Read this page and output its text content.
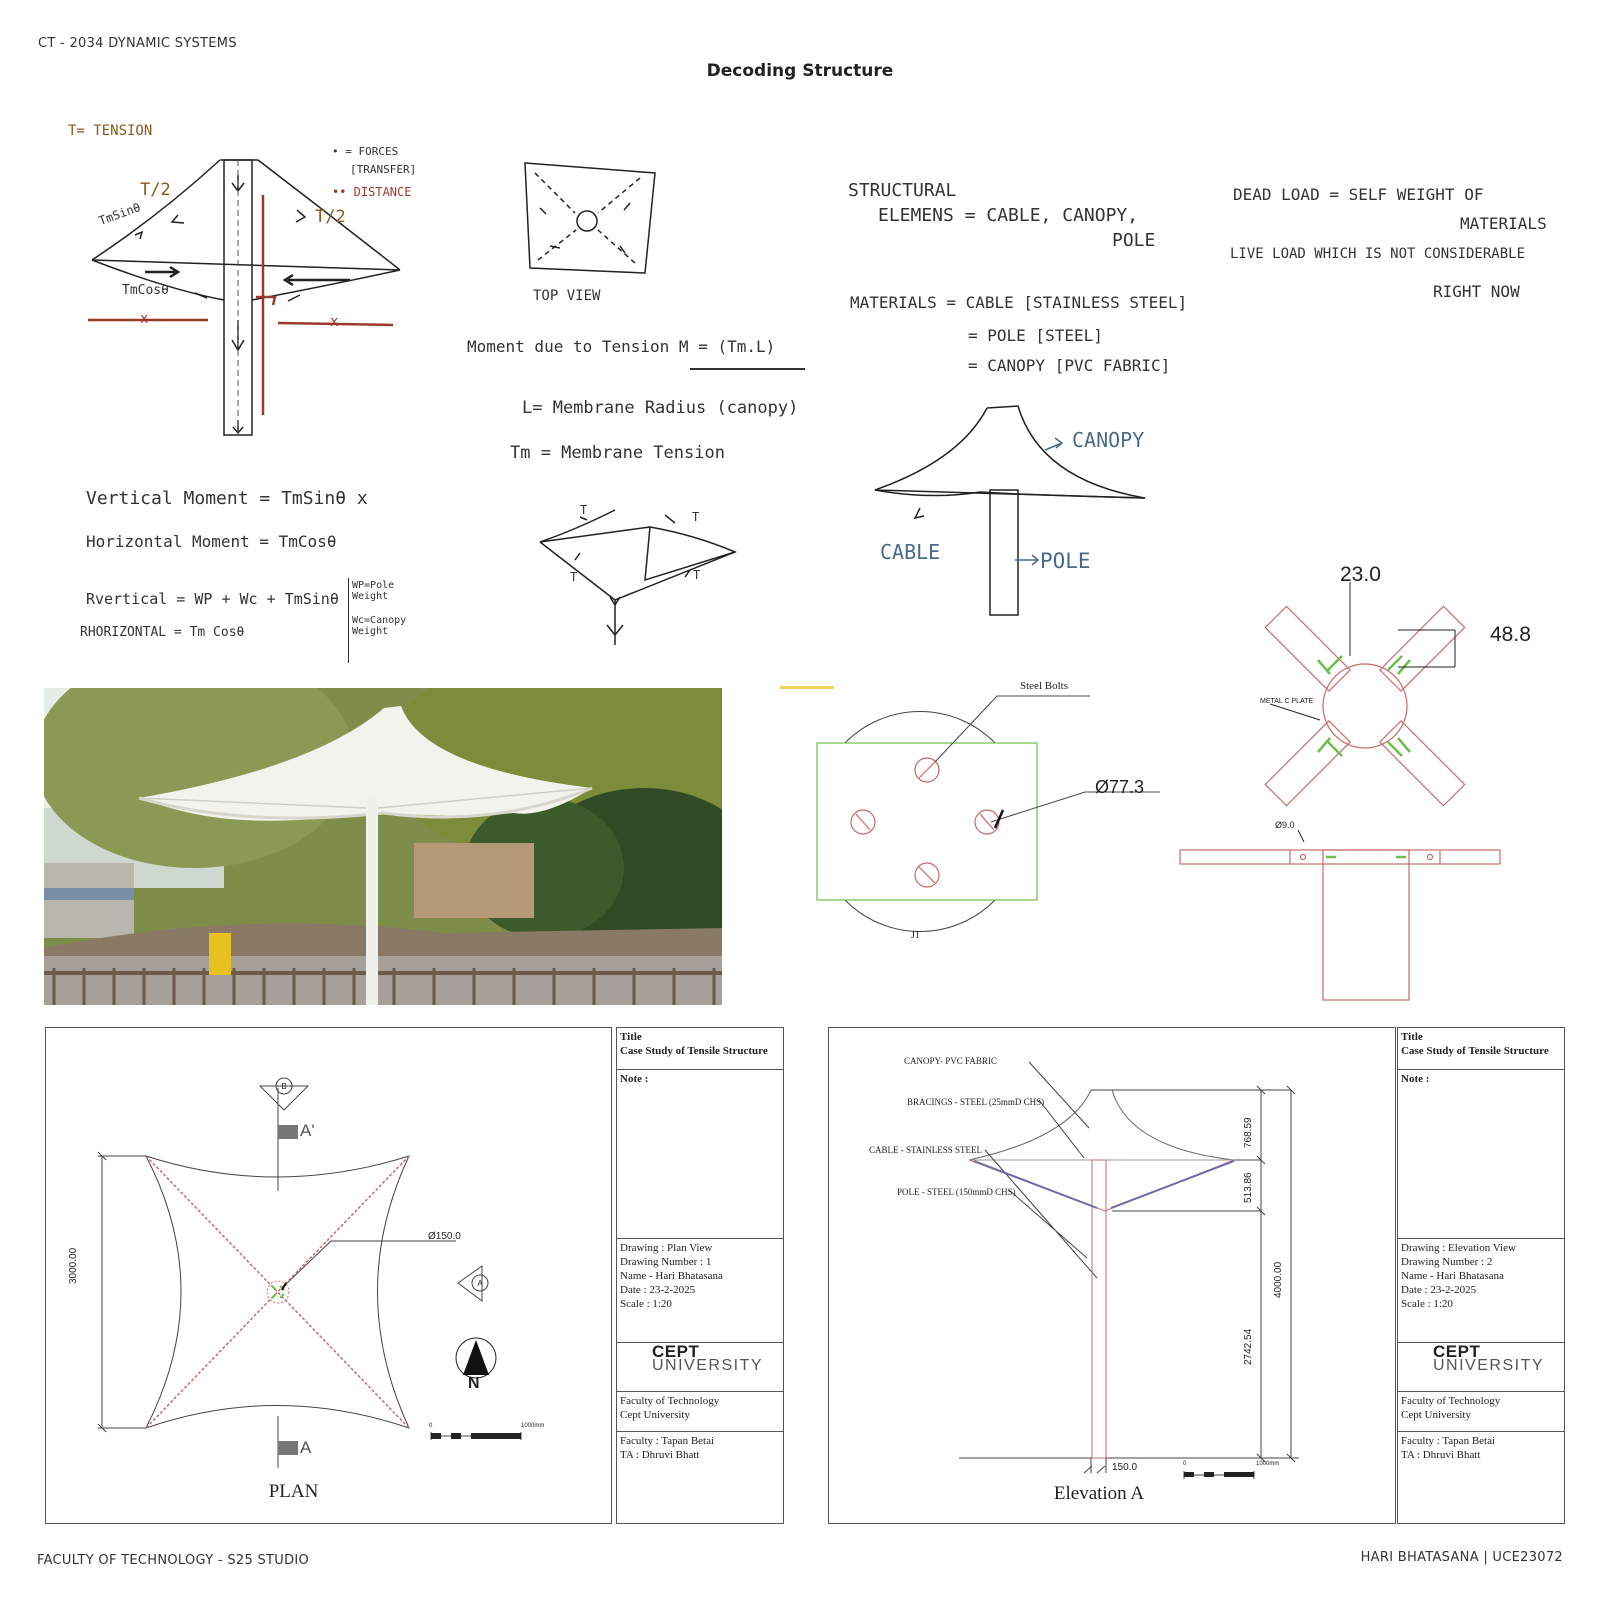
CT - 2034 DYNAMIC SYSTEMS
Decoding Structure
T= TENSION
• = FORCES
[TRANSFER]
•• DISTANCE
T/2
T/2
TmSinθ
TmCosθ
x	x
Vertical Moment = TmSinθ x
Horizontal Moment = TmCosθ
Rvertical = WP + Wc + TmSinθ
RHORIZONTAL = Tm Cosθ
WP=Pole Weight
Wc=Canopy Weight
TOP VIEW
Moment due to Tension M = (Tm.L)
L= Membrane Radius (canopy)
Tm = Membrane Tension
T	T
T	T
STRUCTURAL
ELEMENS = CABLE, CANOPY,
POLE
MATERIALS = CABLE [STAINLESS STEEL]
= POLE [STEEL]
= CANOPY [PVC FABRIC]
DEAD LOAD = SELF WEIGHT OF
MATERIALS
LIVE LOAD WHICH IS NOT CONSIDERABLE
RIGHT NOW
CANOPY
CABLE	POLE
23.0
48.8
METAL C PLATE
Ø9.0
Steel Bolts
Ø77.3
J1
B
A'
A
A
3000.00
Ø150.0
N
0	1000mm
PLAN
Title
Case Study of Tensile Structure
Note :
Drawing : Plan View
Drawing Number : 1
Name - Hari Bhatasana
Date : 23-2-2025
Scale : 1:20
CEPT
UNIVERSITY
Faculty of Technology
Cept University
Faculty : Tapan Betai
TA : Dhruvi Bhatt
CANOPY- PVC FABRIC
BRACINGS - STEEL (25mmD CHS)
CABLE - STAINLESS STEEL
POLE - STEEL (150mmD CHS)
768.59
513.86
2742.54
4000.00
150.0	0	1000mm
Elevation A
Title
Case Study of Tensile Structure
Note :
Drawing : Elevation View
Drawing Number : 2
Name - Hari Bhatasana
Date : 23-2-2025
Scale : 1:20
CEPT
UNIVERSITY
Faculty of Technology
Cept University
Faculty : Tapan Betai
TA : Dhruvi Bhatt
FACULTY OF TECHNOLOGY - S25 STUDIO	HARI BHATASANA | UCE23072
